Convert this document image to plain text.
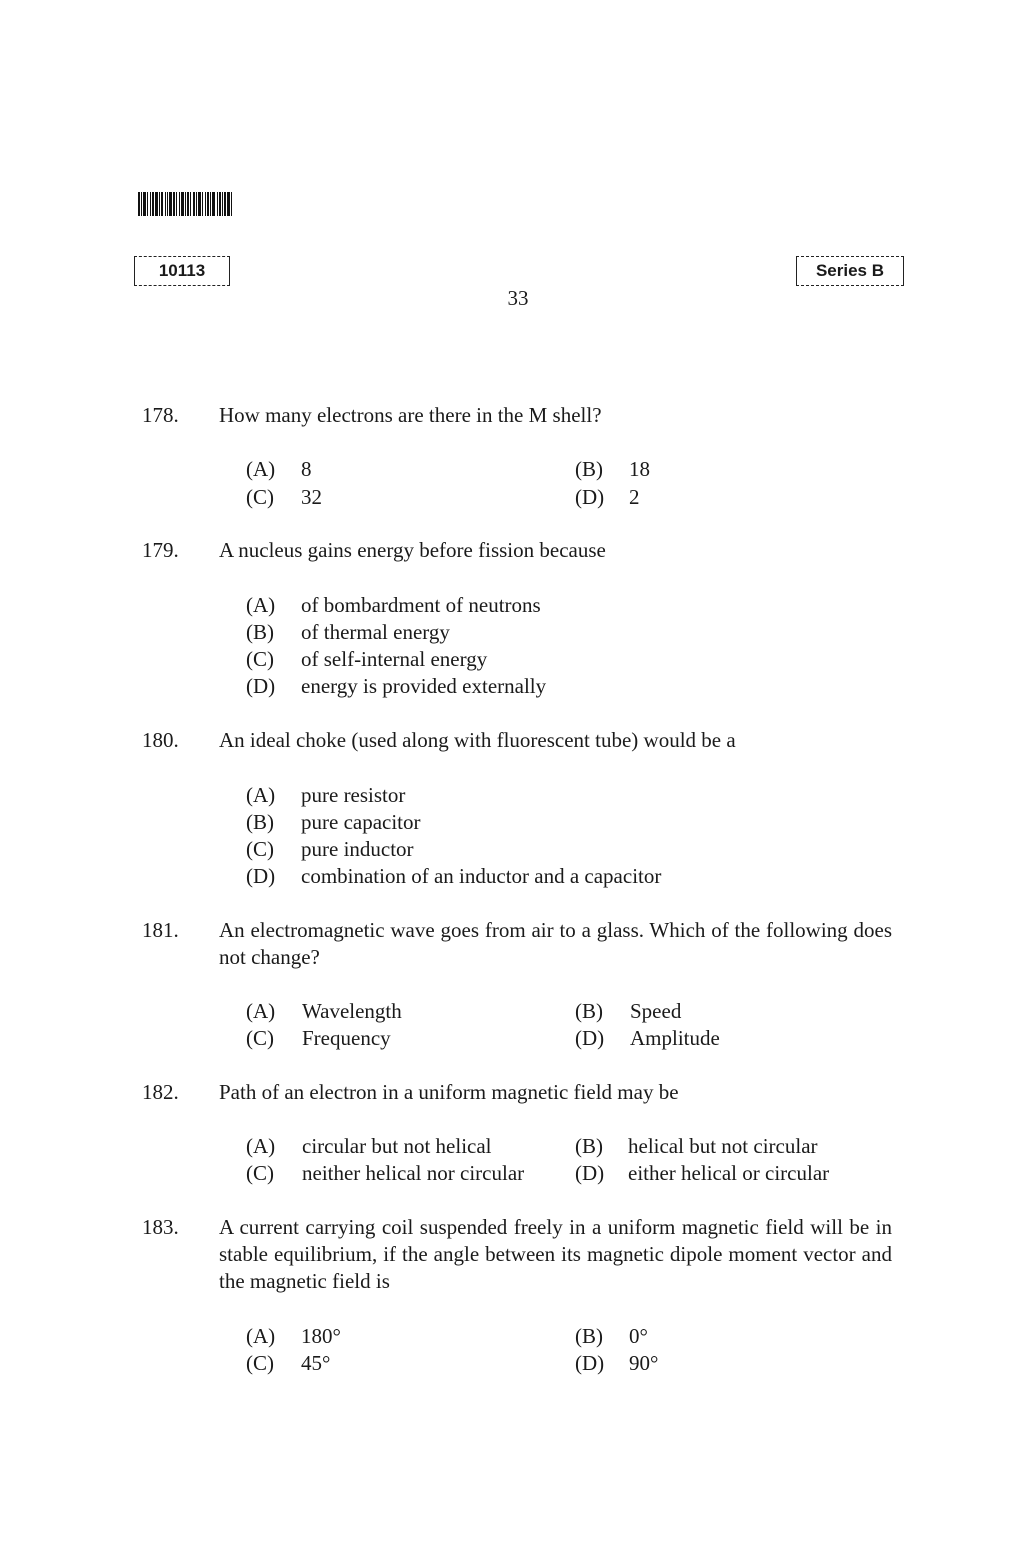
10113	Series B
33
178. How many electrons are there in the M shell?
(A) 8	(B) 18
(C) 32	(D) 2
179. A nucleus gains energy before fission because
(A) of bombardment of neutrons
(B) of thermal energy
(C) of self-internal energy
(D) energy is provided externally
180. An ideal choke (used along with fluorescent tube) would be a
(A) pure resistor
(B) pure capacitor
(C) pure inductor
(D) combination of an inductor and a capacitor
181. An electromagnetic wave goes from air to a glass. Which of the following does not change?
(A) Wavelength	(B) Speed
(C) Frequency	(D) Amplitude
182. Path of an electron in a uniform magnetic field may be
(A) circular but not helical	(B) helical but not circular
(C) neither helical nor circular (D) either helical or circular
183. A current carrying coil suspended freely in a uniform magnetic field will be in stable equilibrium, if the angle between its magnetic dipole moment vector and the magnetic field is
(A) 180°	(B) 0°
(C) 45°	(D) 90°
